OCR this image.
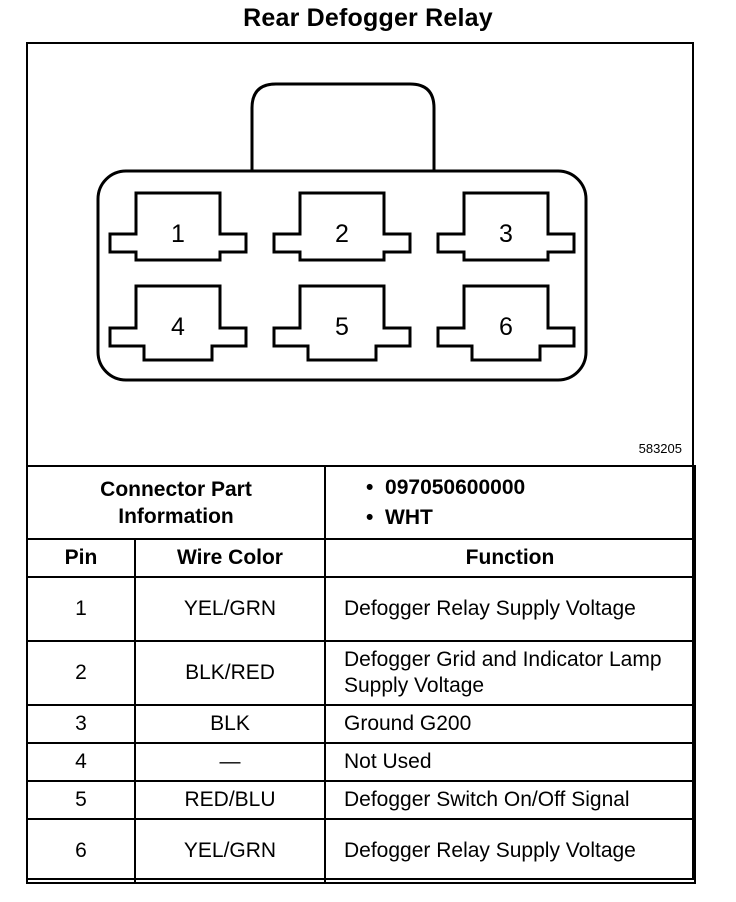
Rear Defogger Relay
1	2	3
4	5	6
583205
Connector Part Information		• 097050600000
• WHT

Pin	Wire Color	Function
1	YEL/GRN	Defogger Relay Supply Voltage

2	BLK/RED	Defogger Grid and Indicator Lamp Supply Voltage

3	BLK	Ground G200
4	—	Not Used
5	RED/BLU	Defogger Switch On/Off Signal
6	YEL/GRN	Defogger Relay Supply Voltage
